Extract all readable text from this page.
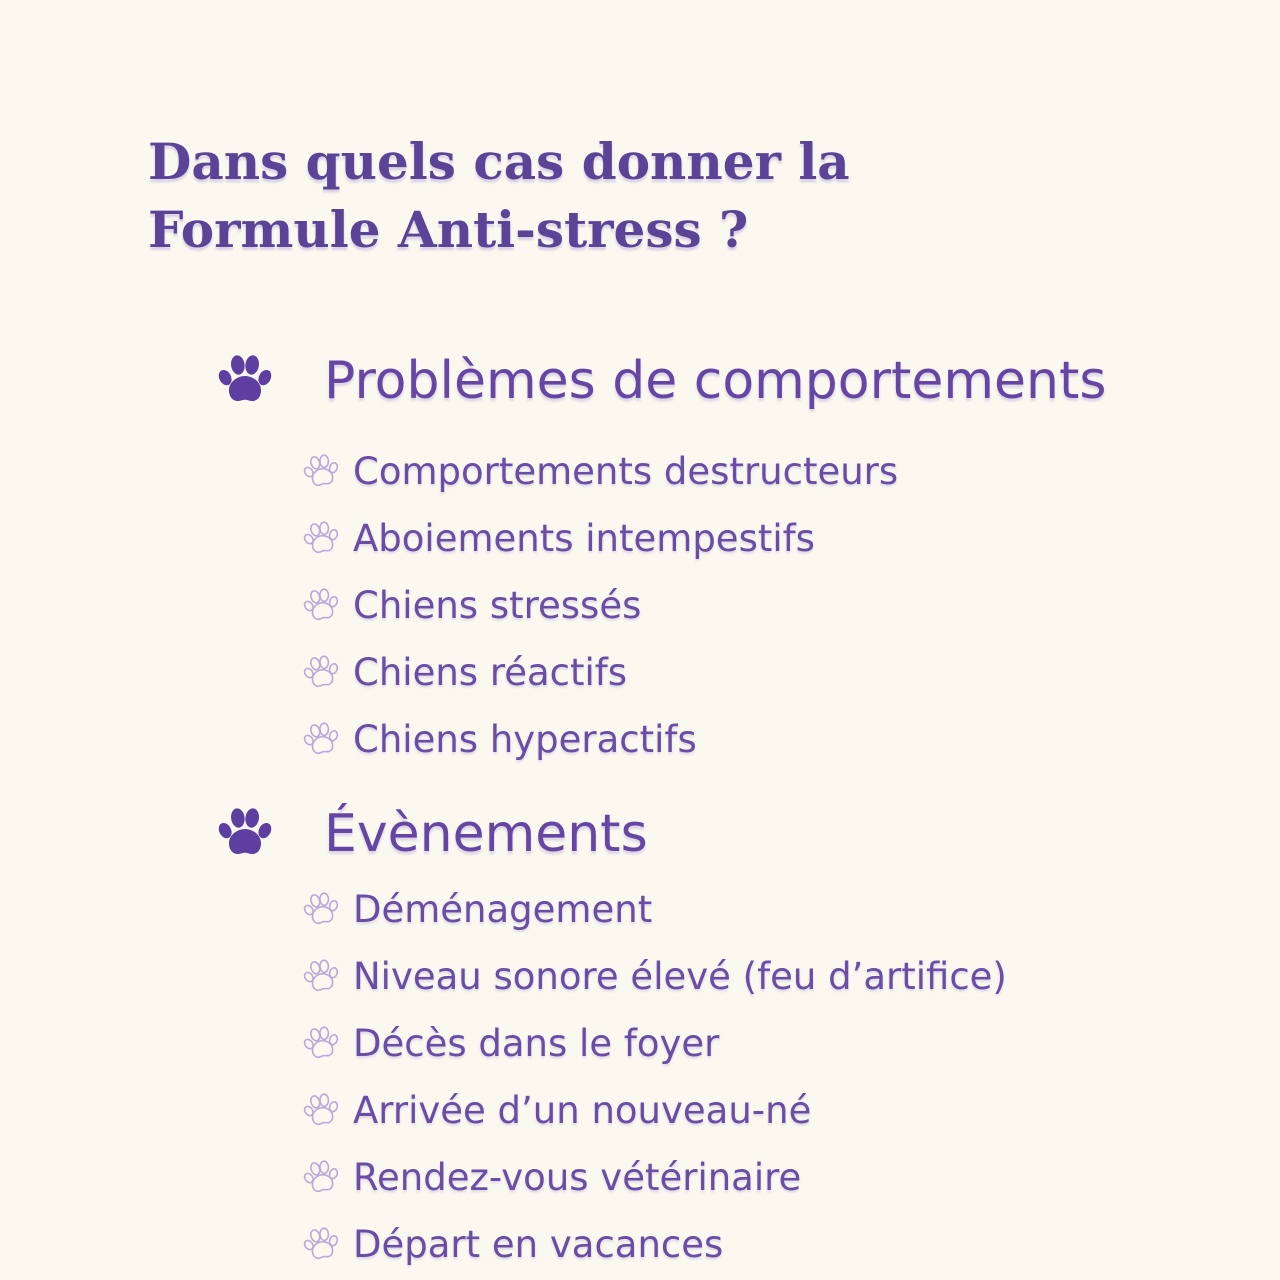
Dans quels cas donner la
Formule Anti-stress ?
Problèmes de comportements
Comportements destructeurs
Aboiements intempestifs
Chiens stressés
Chiens réactifs
Chiens hyperactifs
Évènements
Déménagement
Niveau sonore élevé (feu d’artifice)
Décès dans le foyer
Arrivée d’un nouveau-né
Rendez-vous vétérinaire
Départ en vacances
